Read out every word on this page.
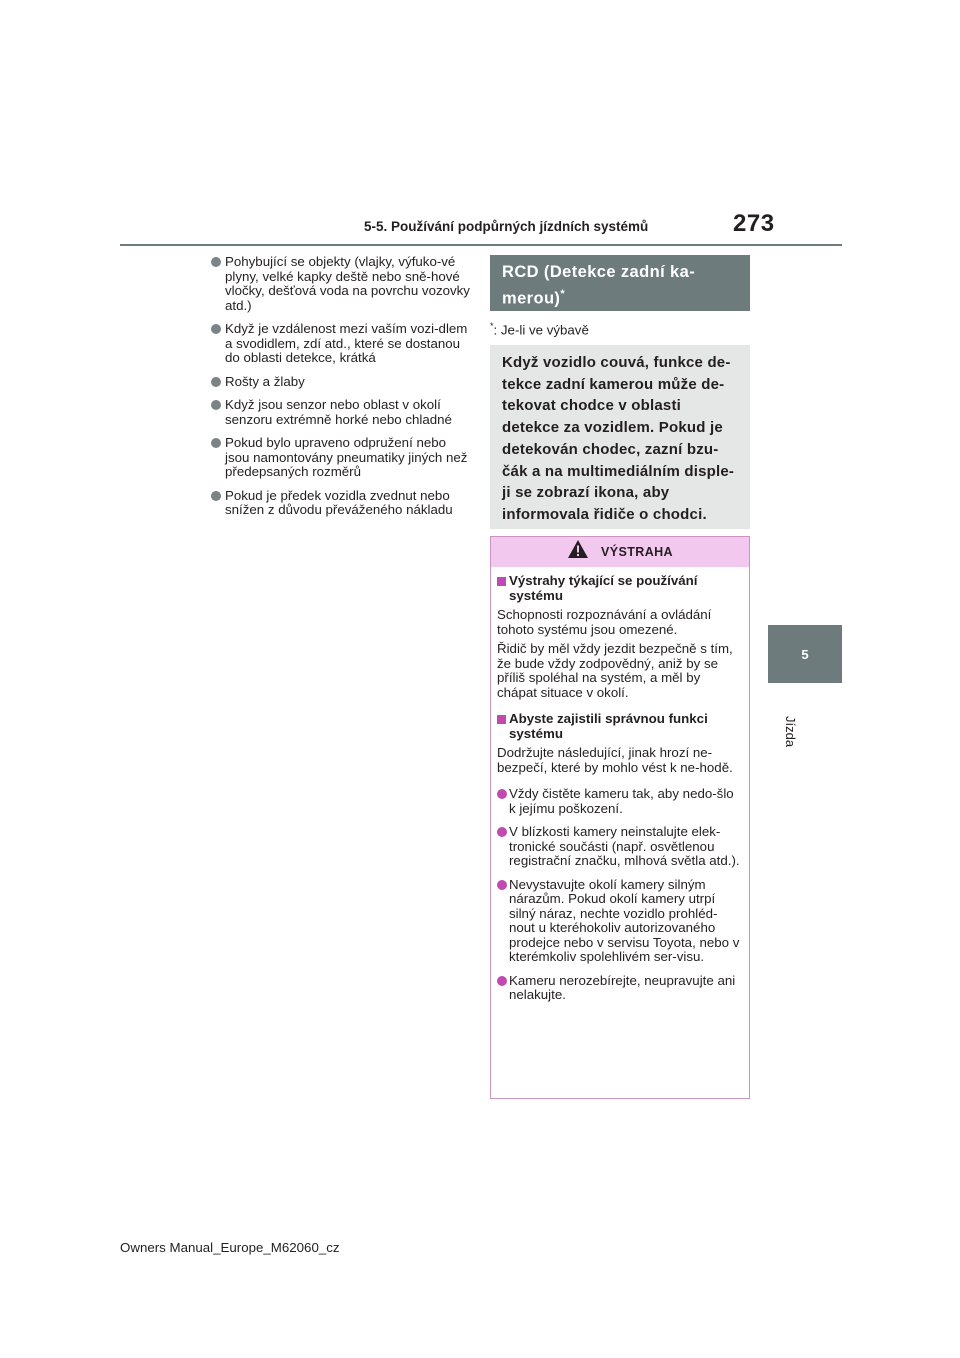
5-5. Používání podpůrných jízdních systémů	273
5
Jízda
Pohybující se objekty (vlajky, výfuko-vé plyny, velké kapky deště nebo sně-hové vločky, dešťová voda na povrchu vozovky atd.)
Když je vzdálenost mezi vaším vozi-dlem a svodidlem, zdí atd., které se dostanou do oblasti detekce, krátká
Rošty a žlaby
Když jsou senzor nebo oblast v okolí senzoru extrémně horké nebo chladné
Pokud bylo upraveno odpružení nebo jsou namontovány pneumatiky jiných než předepsaných rozměrů
Pokud je předek vozidla zvednut nebo snížen z důvodu převáženého nákladu
RCD (Detekce zadní ka-merou)*
*: Je-li ve výbavě
Když vozidlo couvá, funkce de-tekce zadní kamerou může de-tekovat chodce v oblasti detekce za vozidlem. Pokud je detekován chodec, zazní bzu-čák a na multimediálním disple-ji se zobrazí ikona, aby informovala řidiče o chodci.
VÝSTRAHA
Výstrahy týkající se používání systému
Schopnosti rozpoznávání a ovládání tohoto systému jsou omezené.
Řidič by měl vždy jezdit bezpečně s tím, že bude vždy zodpovědný, aniž by se příliš spoléhal na systém, a měl by chápat situace v okolí.
Abyste zajistili správnou funkci systému
Dodržujte následující, jinak hrozí ne-bezpečí, které by mohlo vést k ne-hodě.
Vždy čistěte kameru tak, aby nedo-šlo k jejímu poškození.
V blízkosti kamery neinstalujte elek-tronické součásti (např. osvětlenou registrační značku, mlhová světla atd.).
Nevystavujte okolí kamery silným nárazům. Pokud okolí kamery utrpí silný náraz, nechte vozidlo prohléd-nout u kteréhokoliv autorizovaného prodejce nebo v servisu Toyota, nebo v kterémkoliv spolehlivém ser-visu.
Kameru nerozebírejte, neupravujte ani nelakujte.
Owners Manual_Europe_M62060_cz
